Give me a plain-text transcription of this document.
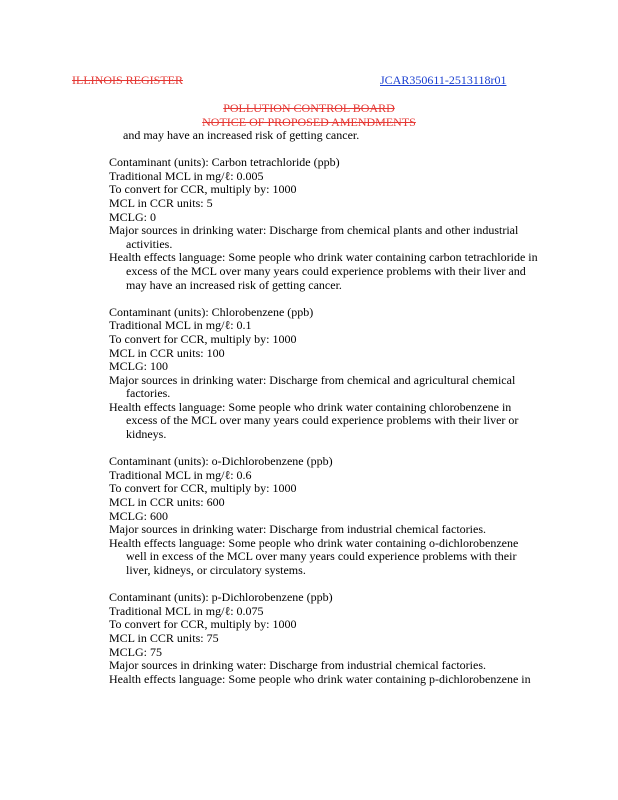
ILLINOIS REGISTER	JCAR350611-2513118r01
POLLUTION CONTROL BOARD
NOTICE OF PROPOSED AMENDMENTS
and may have an increased risk of getting cancer.
Contaminant (units): Carbon tetrachloride (ppb)
Traditional MCL in mg/ℓ: 0.005
To convert for CCR, multiply by: 1000
MCL in CCR units: 5
MCLG: 0
Major sources in drinking water: Discharge from chemical plants and other industrial
activities.
Health effects language: Some people who drink water containing carbon tetrachloride in
excess of the MCL over many years could experience problems with their liver and
may have an increased risk of getting cancer.
Contaminant (units): Chlorobenzene (ppb)
Traditional MCL in mg/ℓ: 0.1
To convert for CCR, multiply by: 1000
MCL in CCR units: 100
MCLG: 100
Major sources in drinking water: Discharge from chemical and agricultural chemical
factories.
Health effects language: Some people who drink water containing chlorobenzene in
excess of the MCL over many years could experience problems with their liver or
kidneys.
Contaminant (units): o-Dichlorobenzene (ppb)
Traditional MCL in mg/ℓ: 0.6
To convert for CCR, multiply by: 1000
MCL in CCR units: 600
MCLG: 600
Major sources in drinking water: Discharge from industrial chemical factories.
Health effects language: Some people who drink water containing o-dichlorobenzene
well in excess of the MCL over many years could experience problems with their
liver, kidneys, or circulatory systems.
Contaminant (units): p-Dichlorobenzene (ppb)
Traditional MCL in mg/ℓ: 0.075
To convert for CCR, multiply by: 1000
MCL in CCR units: 75
MCLG: 75
Major sources in drinking water: Discharge from industrial chemical factories.
Health effects language: Some people who drink water containing p-dichlorobenzene in
